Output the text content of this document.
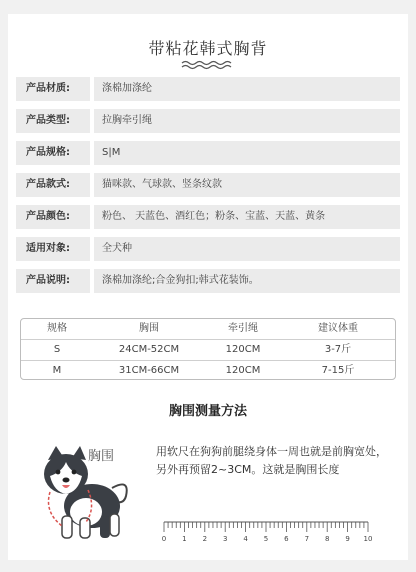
带粘花韩式胸背
产品材质:	涤棉加涤纶
产品类型:	拉胸牵引绳
产品规格:	S|M
产品款式:	猫咪款、气球款、竖条纹款
产品颜色:	粉色、 天蓝色、酒红色；粉条、宝蓝、天蓝、黄条
适用对象:	全犬种
产品说明:	涤棉加涤纶;合金狗扣;韩式花装饰。
规格	胸围	牵引绳	建议体重
S	24CM-52CM	120CM	3-7斤
M	31CM-66CM	120CM	7-15斤
胸围测量方法
胸围	用软尺在狗狗前腿绕身体一周也就是前胸宽处，另外再预留2~3CM。这就是胸围长度
0 1 2 3 4 5 6 7 8 9 10
